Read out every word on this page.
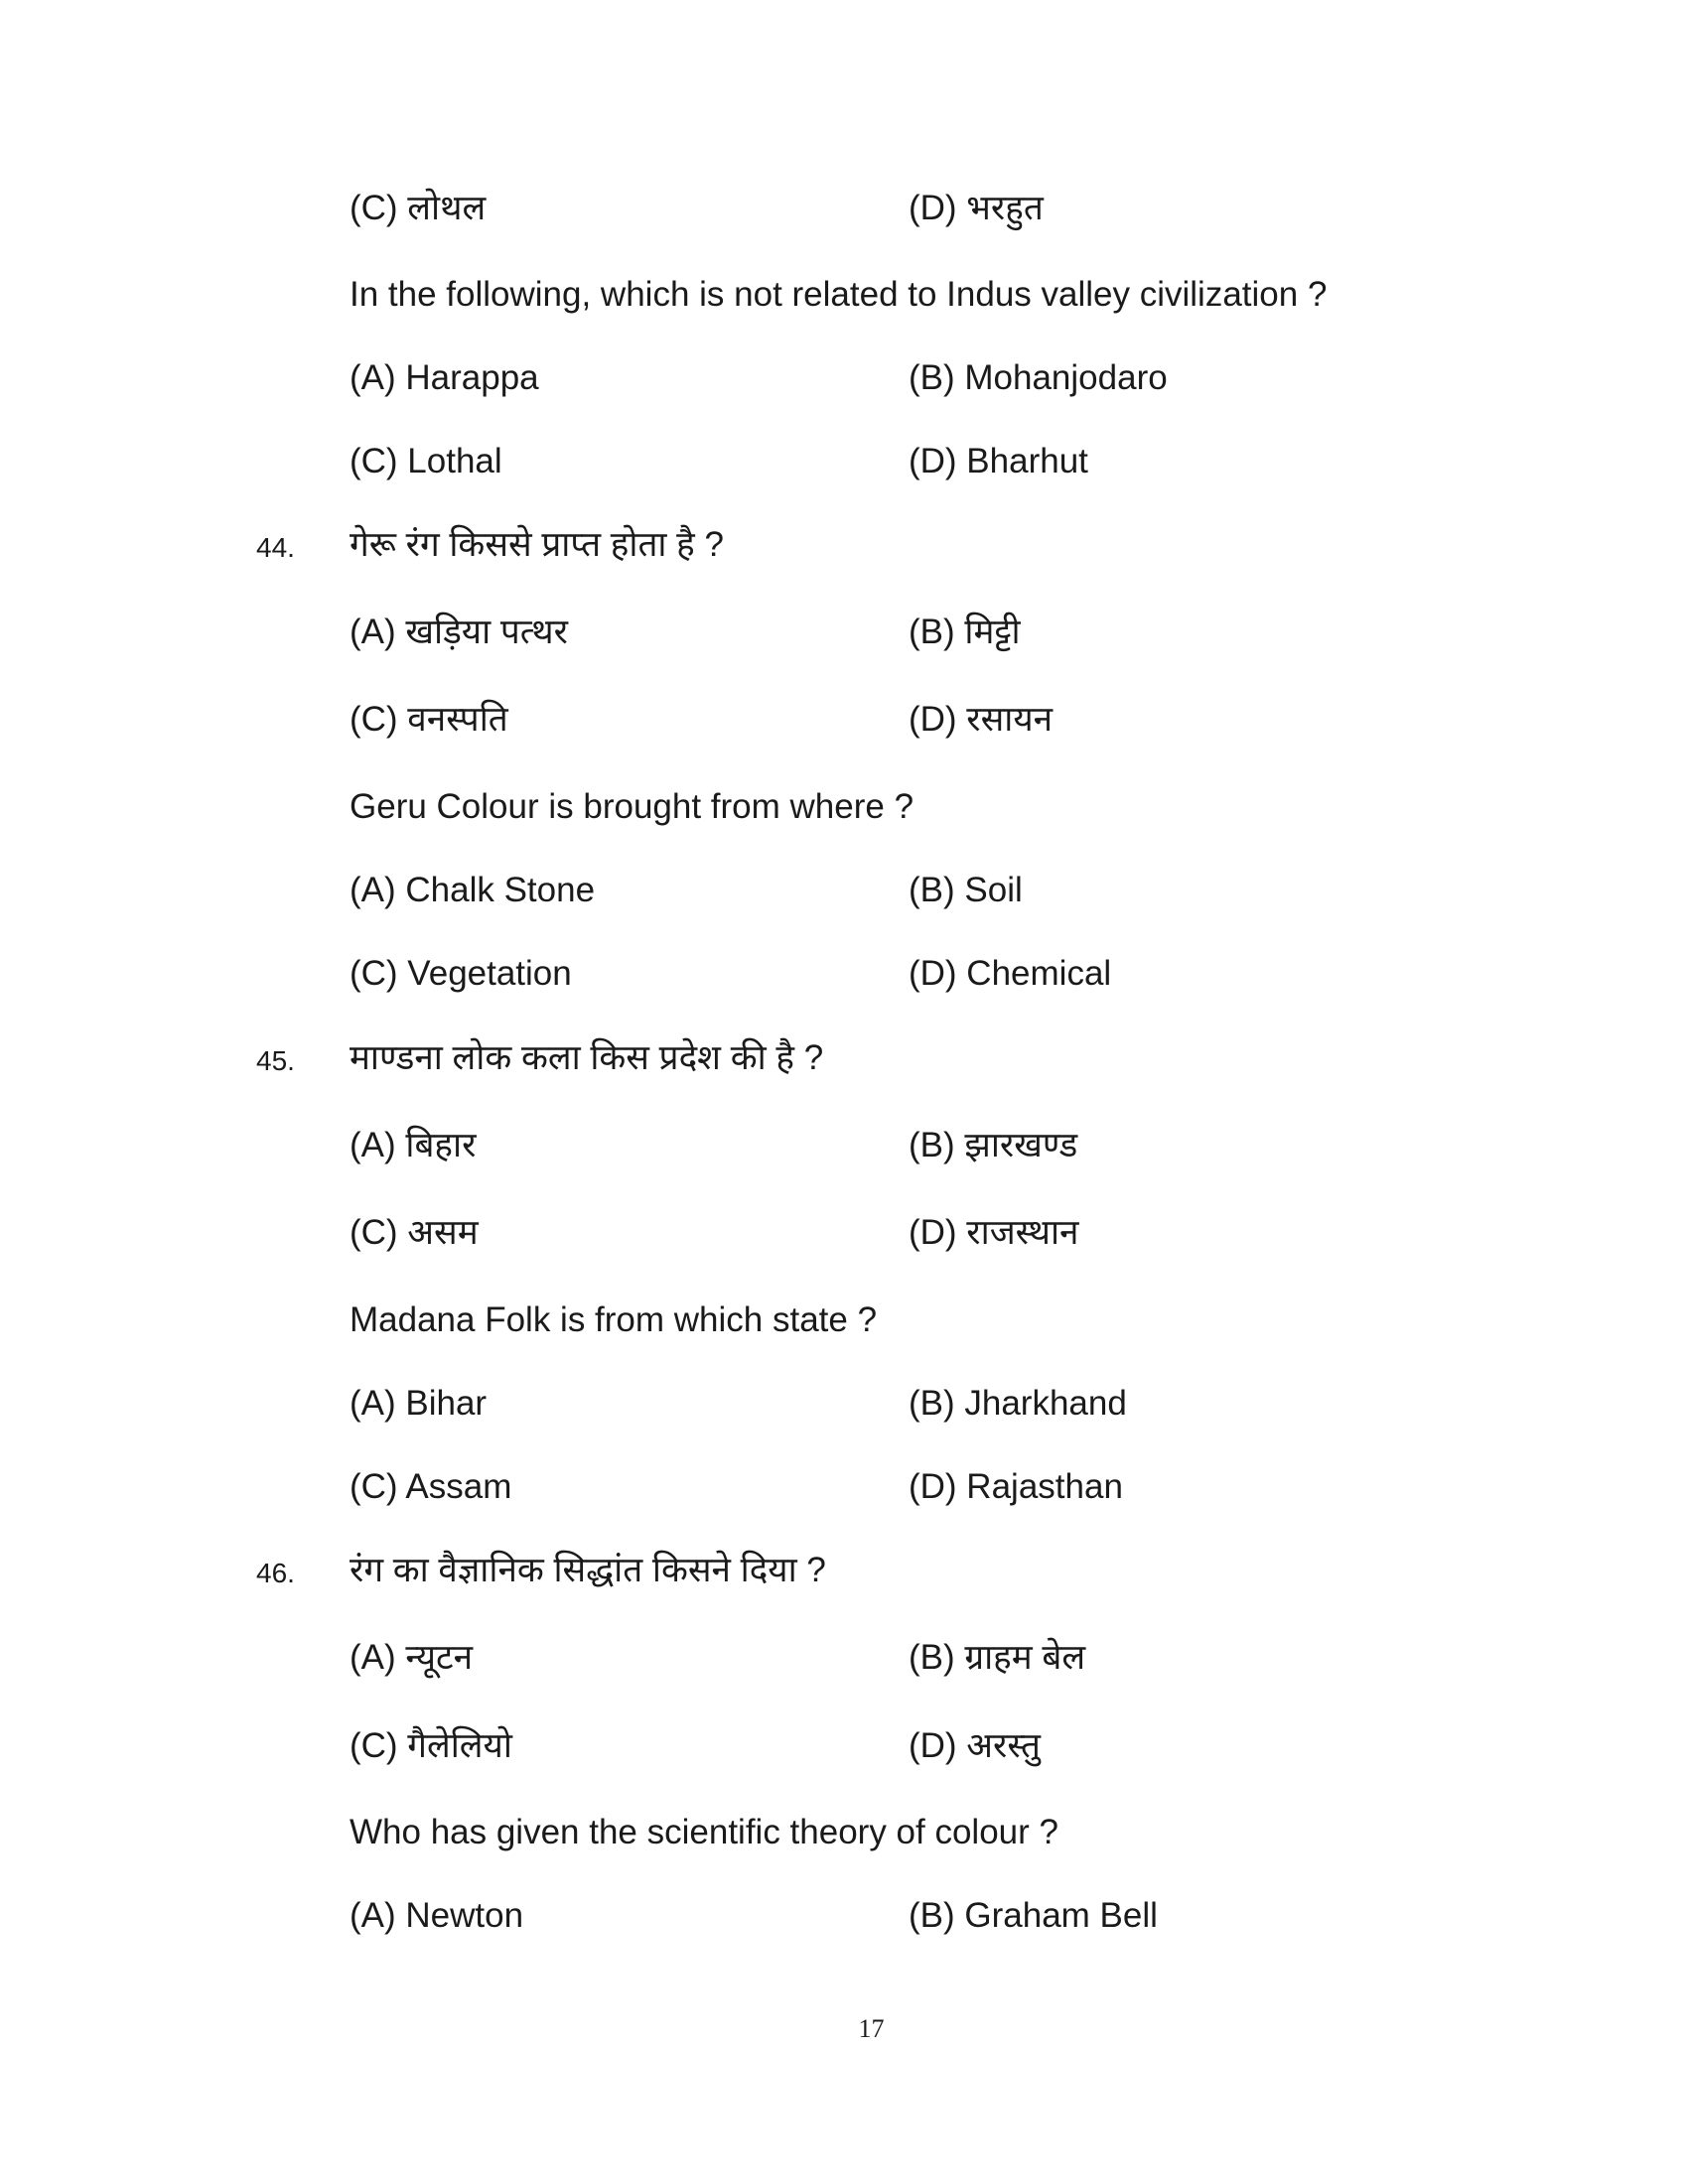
(C) लोथल	(D) भरहुत
In the following, which is not related to Indus valley civilization ?
(A) Harappa	(B) Mohanjodaro
(C) Lothal	(D) Bharhut
44. गेरू रंग किससे प्राप्त होता है ?
(A) खड़िया पत्थर	(B) मिट्टी
(C) वनस्पति	(D) रसायन
Geru Colour is brought from where ?
(A) Chalk Stone	(B) Soil
(C) Vegetation	(D) Chemical
45. माण्डना लोक कला किस प्रदेश की है ?
(A) बिहार	(B) झारखण्ड
(C) असम	(D) राजस्थान
Madana Folk is from which state ?
(A) Bihar	(B) Jharkhand
(C) Assam	(D) Rajasthan
46. रंग का वैज्ञानिक सिद्धांत किसने दिया ?
(A) न्यूटन	(B) ग्राहम बेल
(C) गैलेलियो	(D) अरस्तु
Who has given the scientific theory of colour ?
(A) Newton	(B) Graham Bell
17
